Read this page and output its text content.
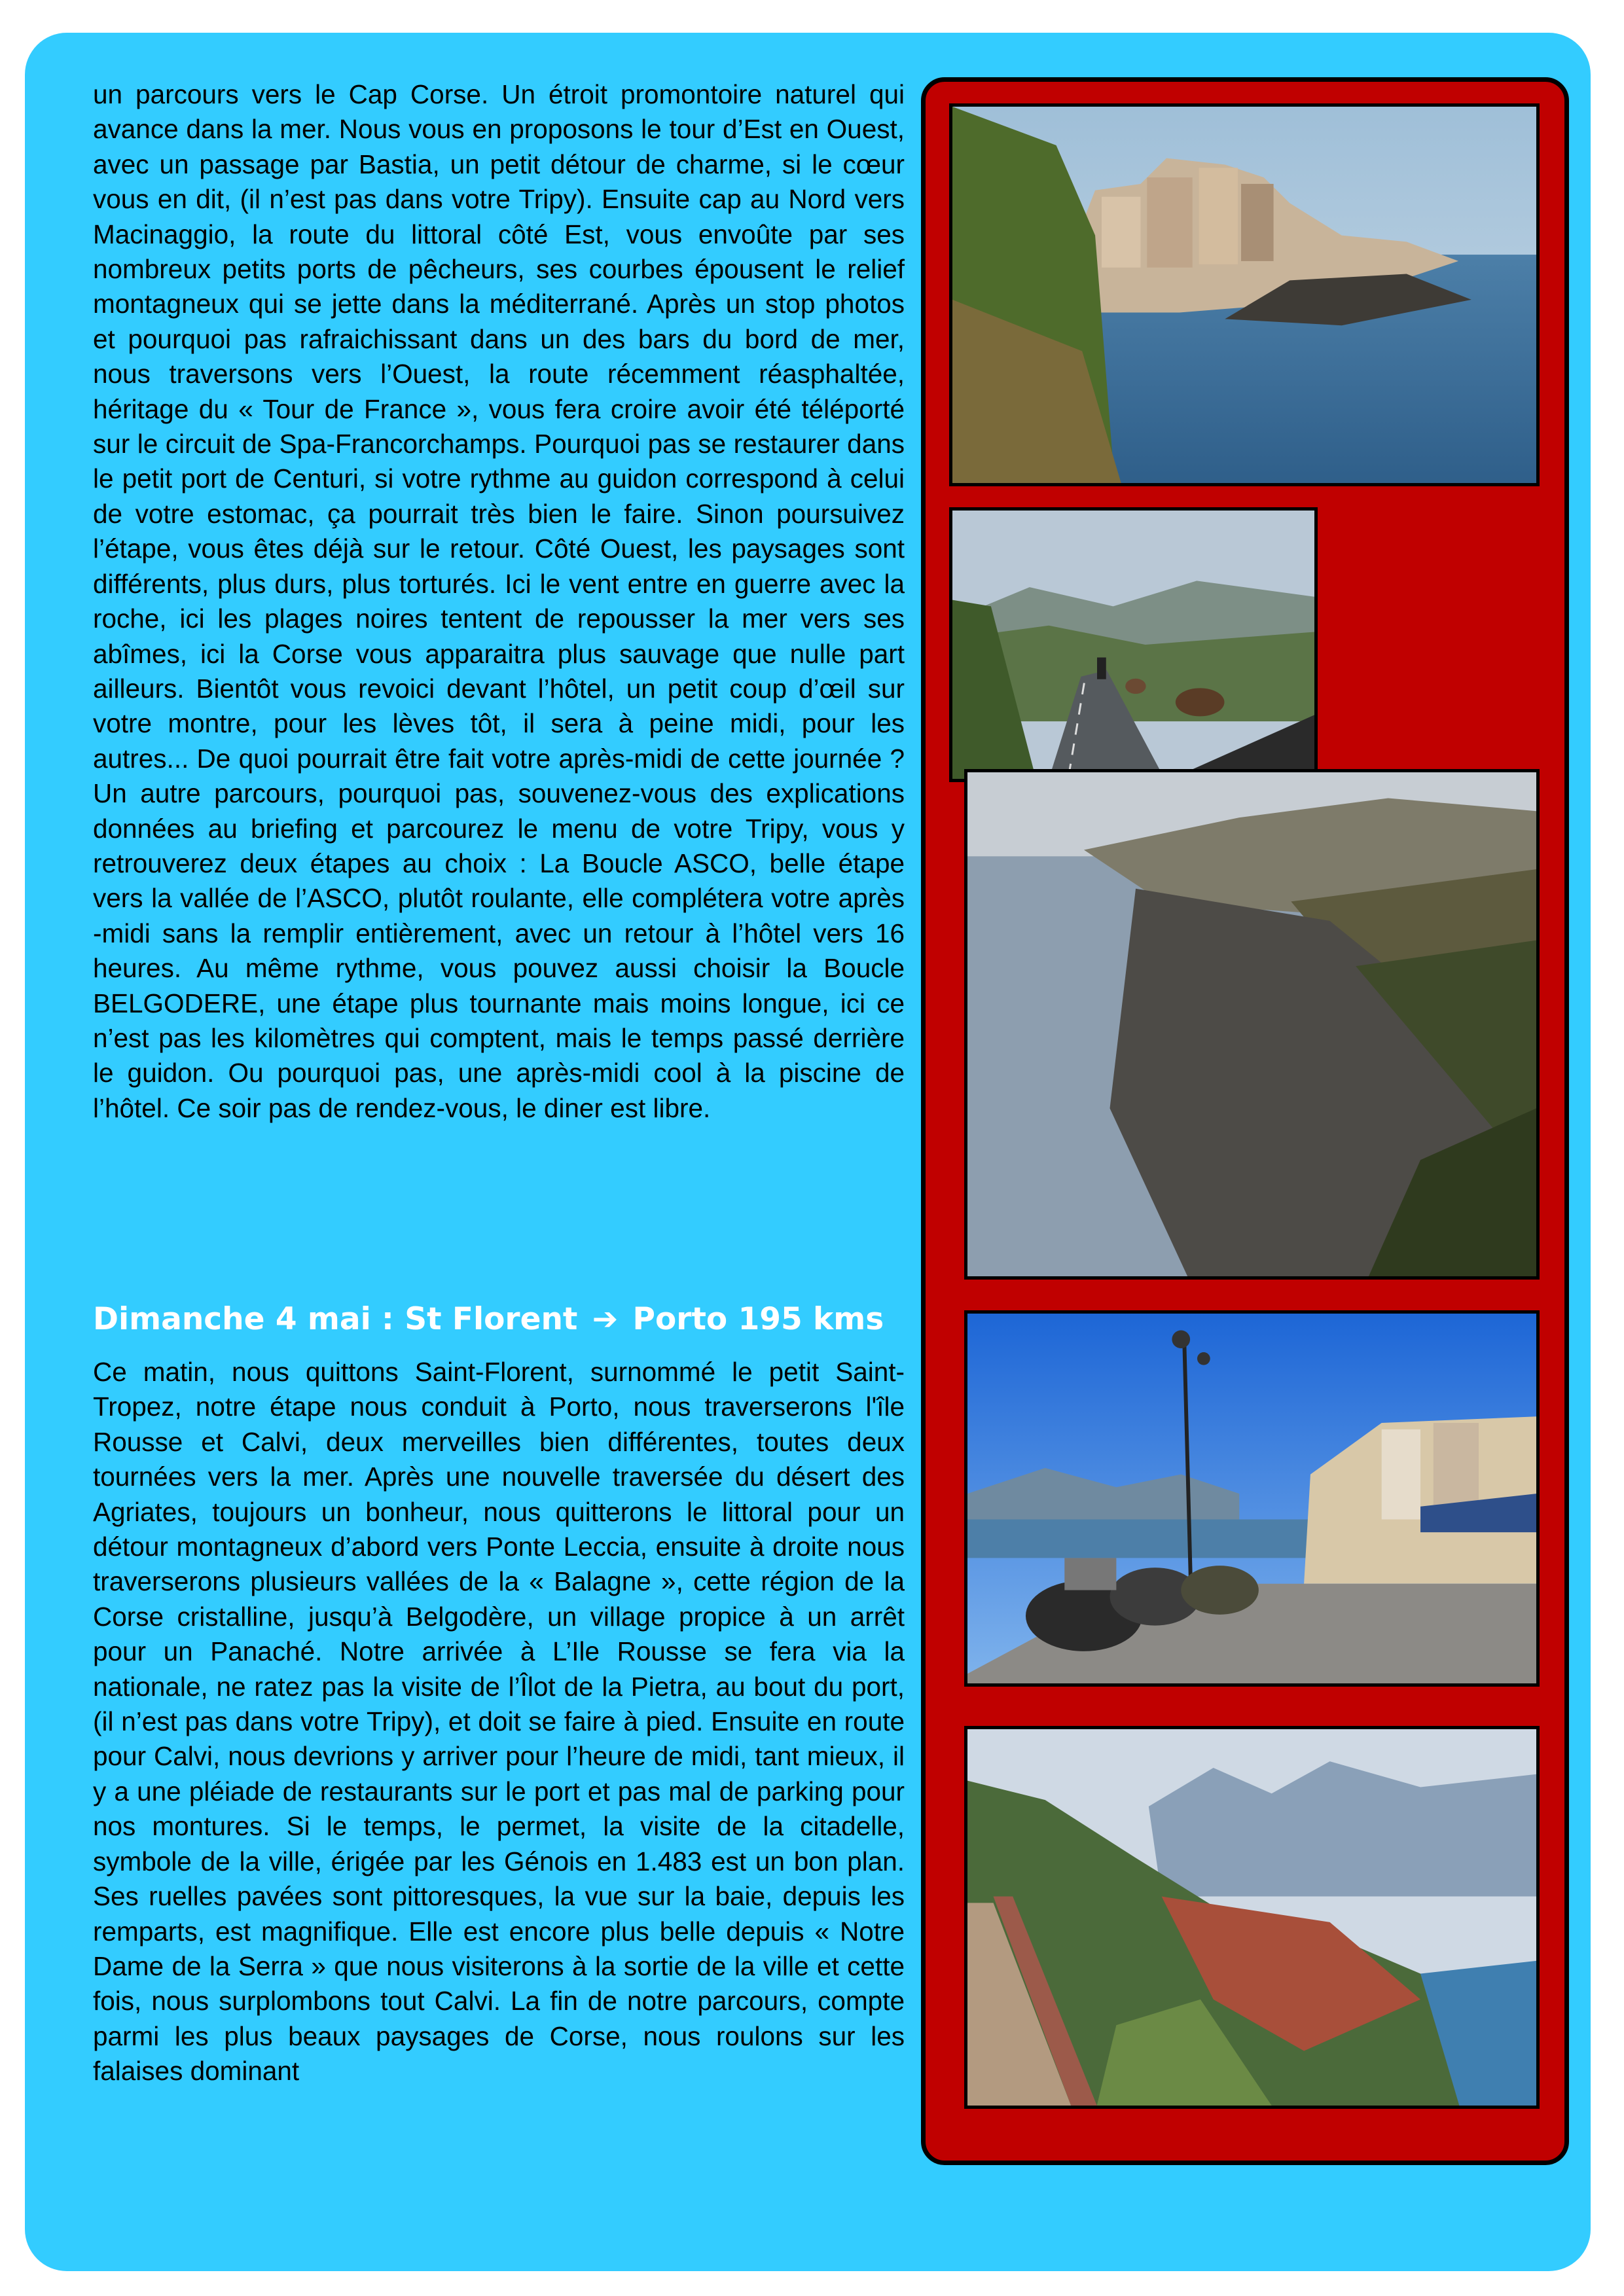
un parcours vers le Cap Corse. Un étroit promontoire naturel qui avance dans la mer. Nous vous en proposons le tour d’Est en Ouest, avec un passage par Bastia, un petit détour de charme, si le cœur vous en dit, (il n’est pas dans votre Tripy). Ensuite cap au Nord vers Macinaggio, la route du littoral côté Est, vous envoûte par ses nombreux petits ports de pêcheurs, ses courbes épousent le relief montagneux qui se jette dans la méditerrané. Après un stop photos et pourquoi pas rafraichissant dans un des bars du bord de mer, nous traversons vers l’Ouest, la route récemment réasphaltée, héritage du « Tour de France », vous fera croire avoir été téléporté sur le circuit de Spa-Francorchamps. Pourquoi pas se restaurer dans le petit port de Centuri, si votre rythme au guidon correspond à celui de votre estomac, ça pourrait très bien le faire. Sinon poursuivez l’étape, vous êtes déjà sur le retour. Côté Ouest, les paysages sont différents, plus durs, plus torturés. Ici le vent entre en guerre avec la roche, ici les plages noires tentent de repousser la mer vers ses abîmes, ici la Corse vous apparaitra plus sauvage que nulle part ailleurs. Bientôt vous revoici devant l’hôtel, un petit coup d’œil sur votre montre, pour les lèves tôt, il sera à peine midi, pour les autres... De quoi pourrait être fait votre après-midi de cette journée ? Un autre parcours, pourquoi pas, souvenez-vous des explications données au briefing et parcourez le menu de votre Tripy, vous y retrouverez deux étapes au choix : La Boucle ASCO, belle étape vers la vallée de l’ASCO, plutôt roulante, elle complétera votre après -midi sans la remplir entièrement, avec un retour à l’hôtel vers 16 heures. Au même rythme, vous pouvez aussi choisir la Boucle BELGODERE, une étape plus tournante mais moins longue, ici ce n’est pas les kilomètres qui comptent, mais le temps passé derrière le guidon. Ou pourquoi pas, une après-midi cool à la piscine de l’hôtel. Ce soir pas de rendez-vous, le diner est libre.

Dimanche 4 mai : St Florent ➔ Porto 195 kms

Ce matin, nous quittons Saint-Florent, surnommé le petit Saint-Tropez, notre étape nous conduit à Porto, nous traverserons l'île Rousse et Calvi, deux merveilles bien différentes, toutes deux tournées vers la mer. Après une nouvelle traversée du désert des Agriates, toujours un bonheur, nous quitterons le littoral pour un détour montagneux d’abord vers Ponte Leccia, ensuite à droite nous traverserons plusieurs vallées de la « Balagne », cette région de la Corse cristalline, jusqu’à Belgodère, un village propice à un arrêt pour un Panaché. Notre arrivée à L’Ile Rousse se fera via la nationale, ne ratez pas la visite de l’Îlot de la Pietra, au bout du port, (il n’est pas dans votre Tripy), et doit se faire à pied. Ensuite en route pour Calvi, nous devrions y arriver pour l’heure de midi, tant mieux, il y a une pléiade de restaurants sur le port et pas mal de parking pour nos montures. Si le temps, le permet, la visite de la citadelle, symbole de la ville, érigée par les Génois en 1.483 est un bon plan. Ses ruelles pavées sont pittoresques, la vue sur la baie, depuis les remparts, est magnifique. Elle est encore plus belle depuis « Notre Dame de la Serra » que nous visiterons à la sortie de la ville et cette fois, nous surplombons tout Calvi. La fin de notre parcours, compte parmi les plus beaux paysages de Corse, nous roulons sur les falaises dominant
